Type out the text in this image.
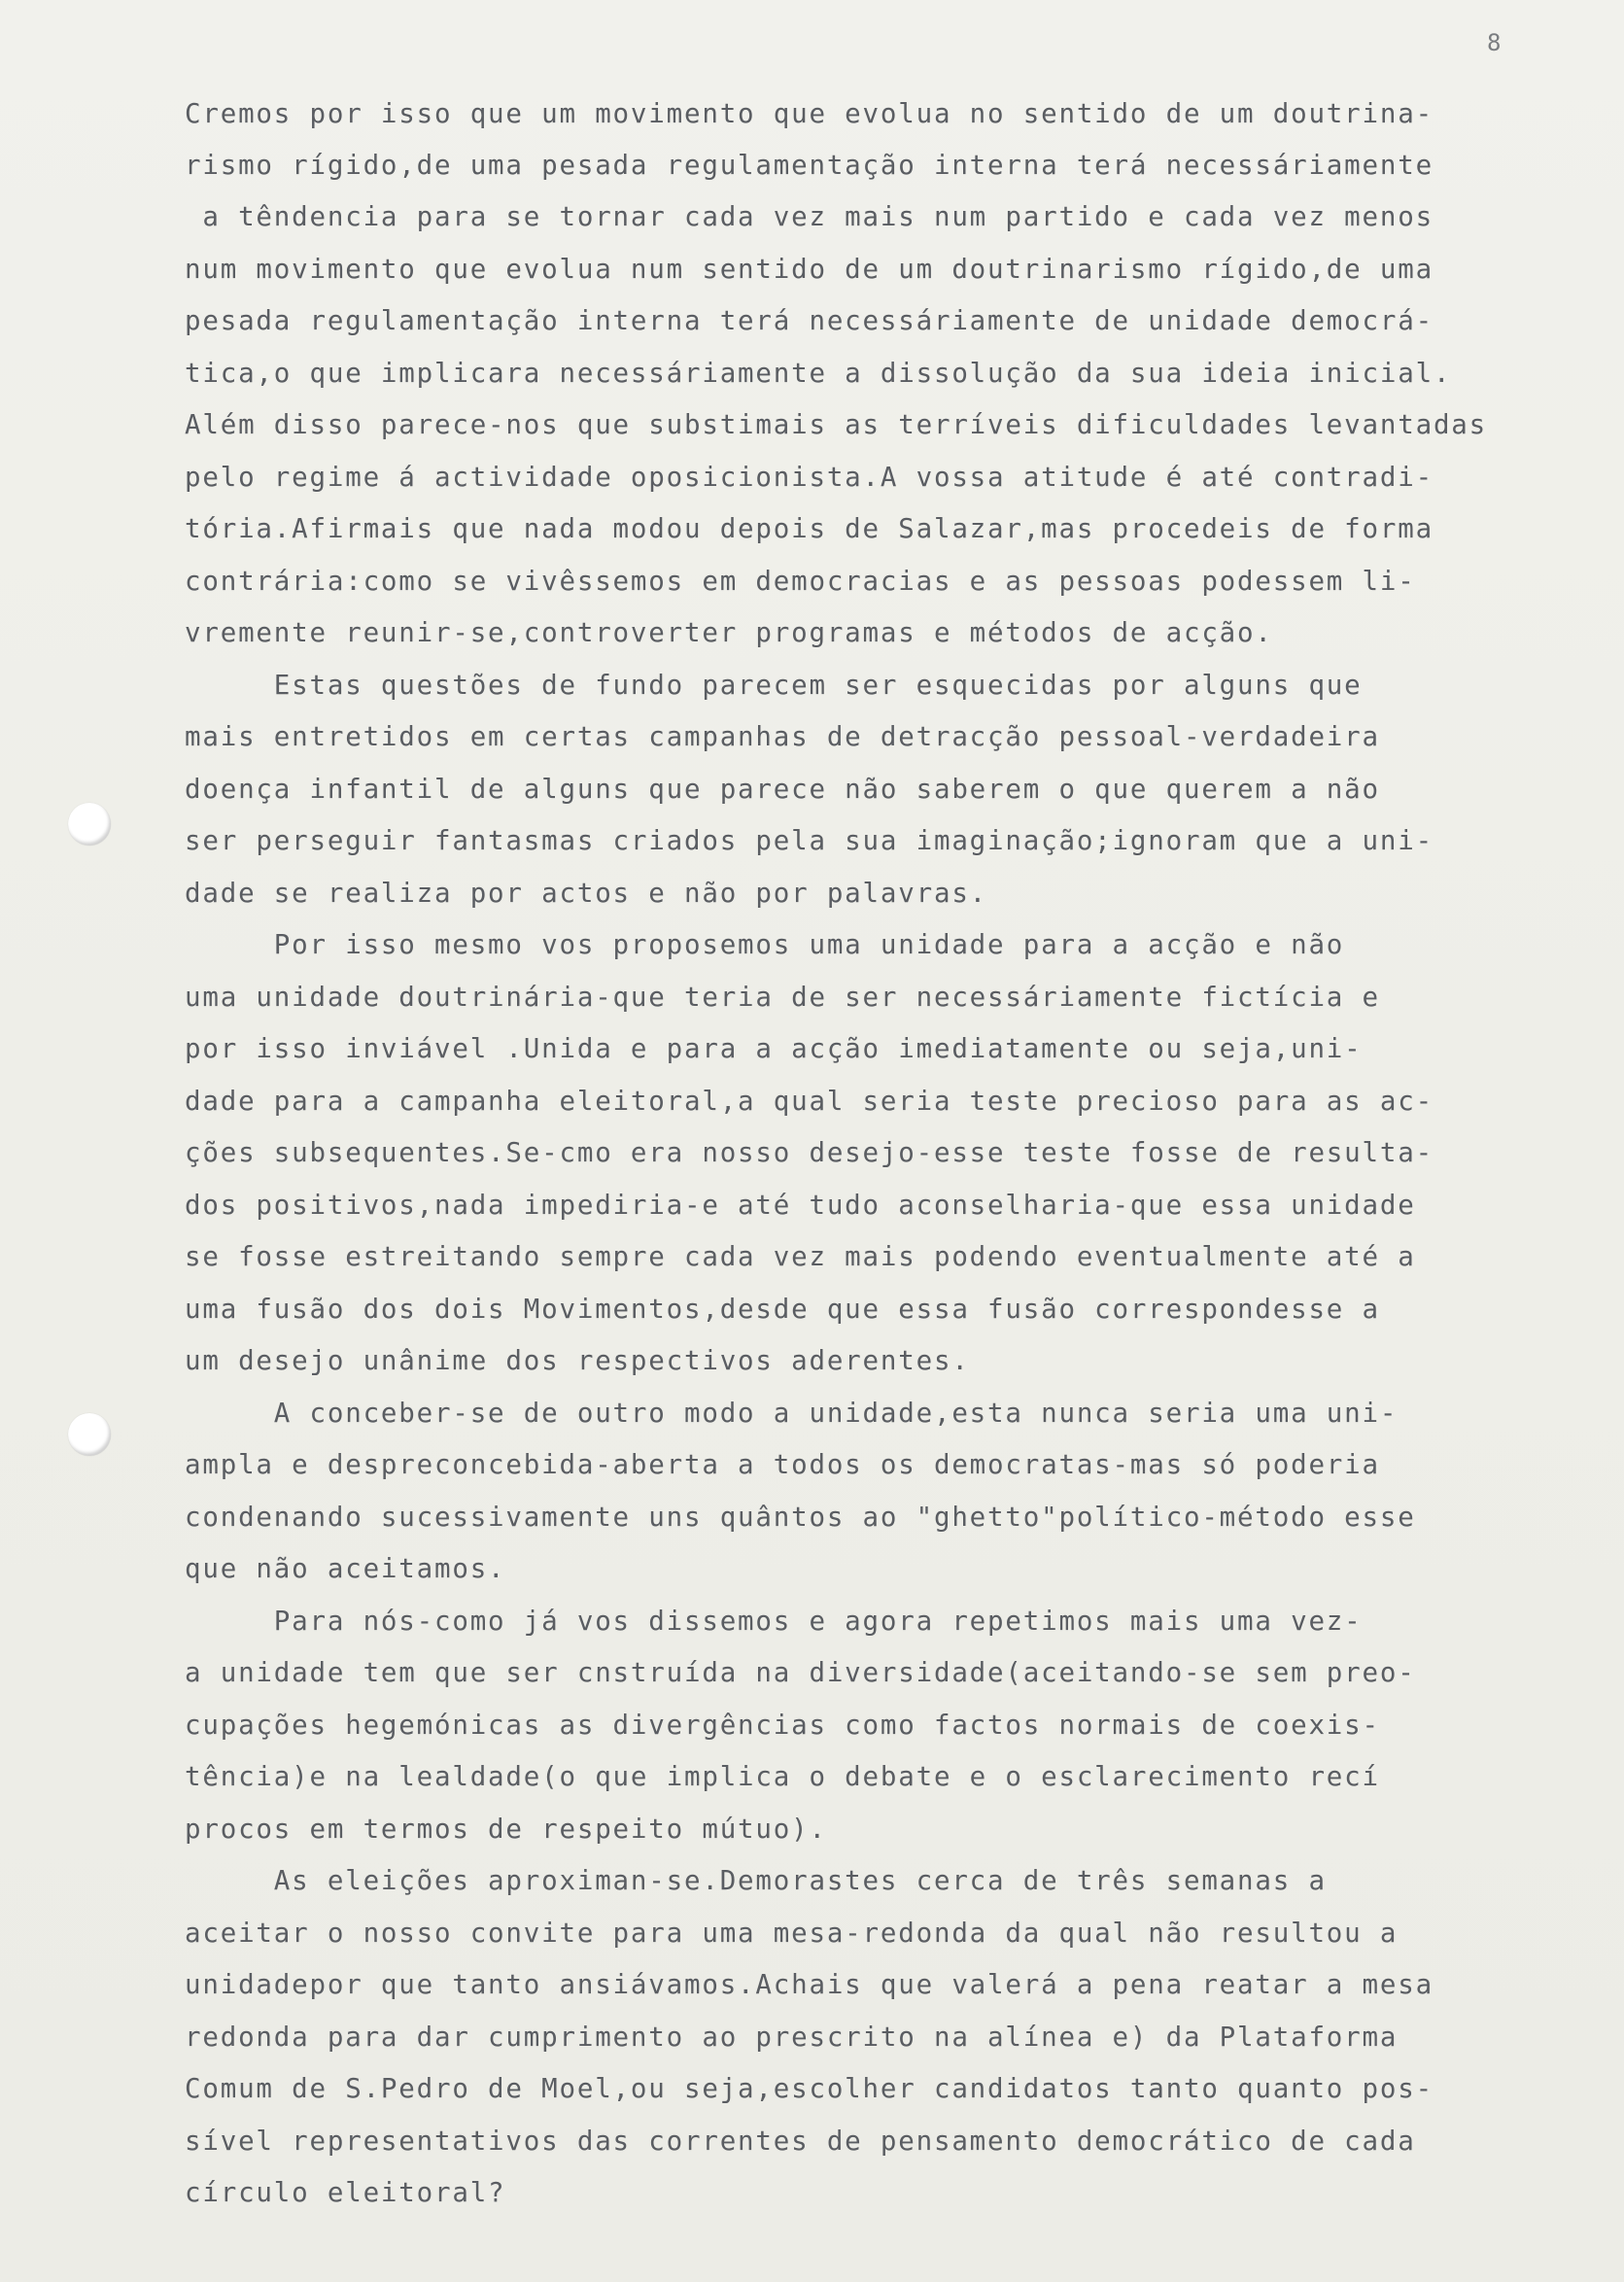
8
Cremos por isso que um movimento que evolua no sentido de um doutrina-
rismo rígido,de uma pesada regulamentação interna terá necessáriamente
a têndencia para se tornar cada vez mais num partido e cada vez menos
num movimento que evolua num sentido de um doutrinarismo rígido,de uma
pesada regulamentação interna terá necessáriamente de unidade democrá-
tica,o que implicara necessáriamente a dissolução da sua ideia inicial.
Além disso parece-nos que substimais as terríveis dificuldades levantadas
pelo regime á actividade oposicionista.A vossa atitude é até contradi-
tória.Afirmais que nada modou depois de Salazar,mas procedeis de forma
contrária:como se vivêssemos em democracias e as pessoas podessem li-
vremente reunir-se,controverter programas e métodos de acção.
Estas questões de fundo parecem ser esquecidas por alguns que
mais entretidos em certas campanhas de detracção pessoal-verdadeira
doença infantil de alguns que parece não saberem o que querem a não
ser perseguir fantasmas criados pela sua imaginação;ignoram que a uni-
dade se realiza por actos e não por palavras.
Por isso mesmo vos proposemos uma unidade para a acção e não
uma unidade doutrinária-que teria de ser necessáriamente fictícia e
por isso inviável .Unida e para a acção imediatamente ou seja,uni-
dade para a campanha eleitoral,a qual seria teste precioso para as ac-
ções subsequentes.Se-cmo era nosso desejo-esse teste fosse de resulta-
dos positivos,nada impediria-e até tudo aconselharia-que essa unidade
se fosse estreitando sempre cada vez mais podendo eventualmente até a
uma fusão dos dois Movimentos,desde que essa fusão correspondesse a
um desejo unânime dos respectivos aderentes.
A conceber-se de outro modo a unidade,esta nunca seria uma uni-
ampla e despreconcebida-aberta a todos os democratas-mas só poderia
condenando sucessivamente uns quântos ao "ghetto"político-método esse
que não aceitamos.
Para nós-como já vos dissemos e agora repetimos mais uma vez-
a unidade tem que ser cnstruída na diversidade(aceitando-se sem preo-
cupações hegemónicas as divergências como factos normais de coexis-
tência)e na lealdade(o que implica o debate e o esclarecimento recí
procos em termos de respeito mútuo).
As eleições aproximan-se.Demorastes cerca de três semanas a
aceitar o nosso convite para uma mesa-redonda da qual não resultou a
unidadepor que tanto ansiávamos.Achais que valerá a pena reatar a mesa
redonda para dar cumprimento ao prescrito na alínea e) da Plataforma
Comum de S.Pedro de Moel,ou seja,escolher candidatos tanto quanto pos-
sível representativos das correntes de pensamento democrático de cada
círculo eleitoral?
